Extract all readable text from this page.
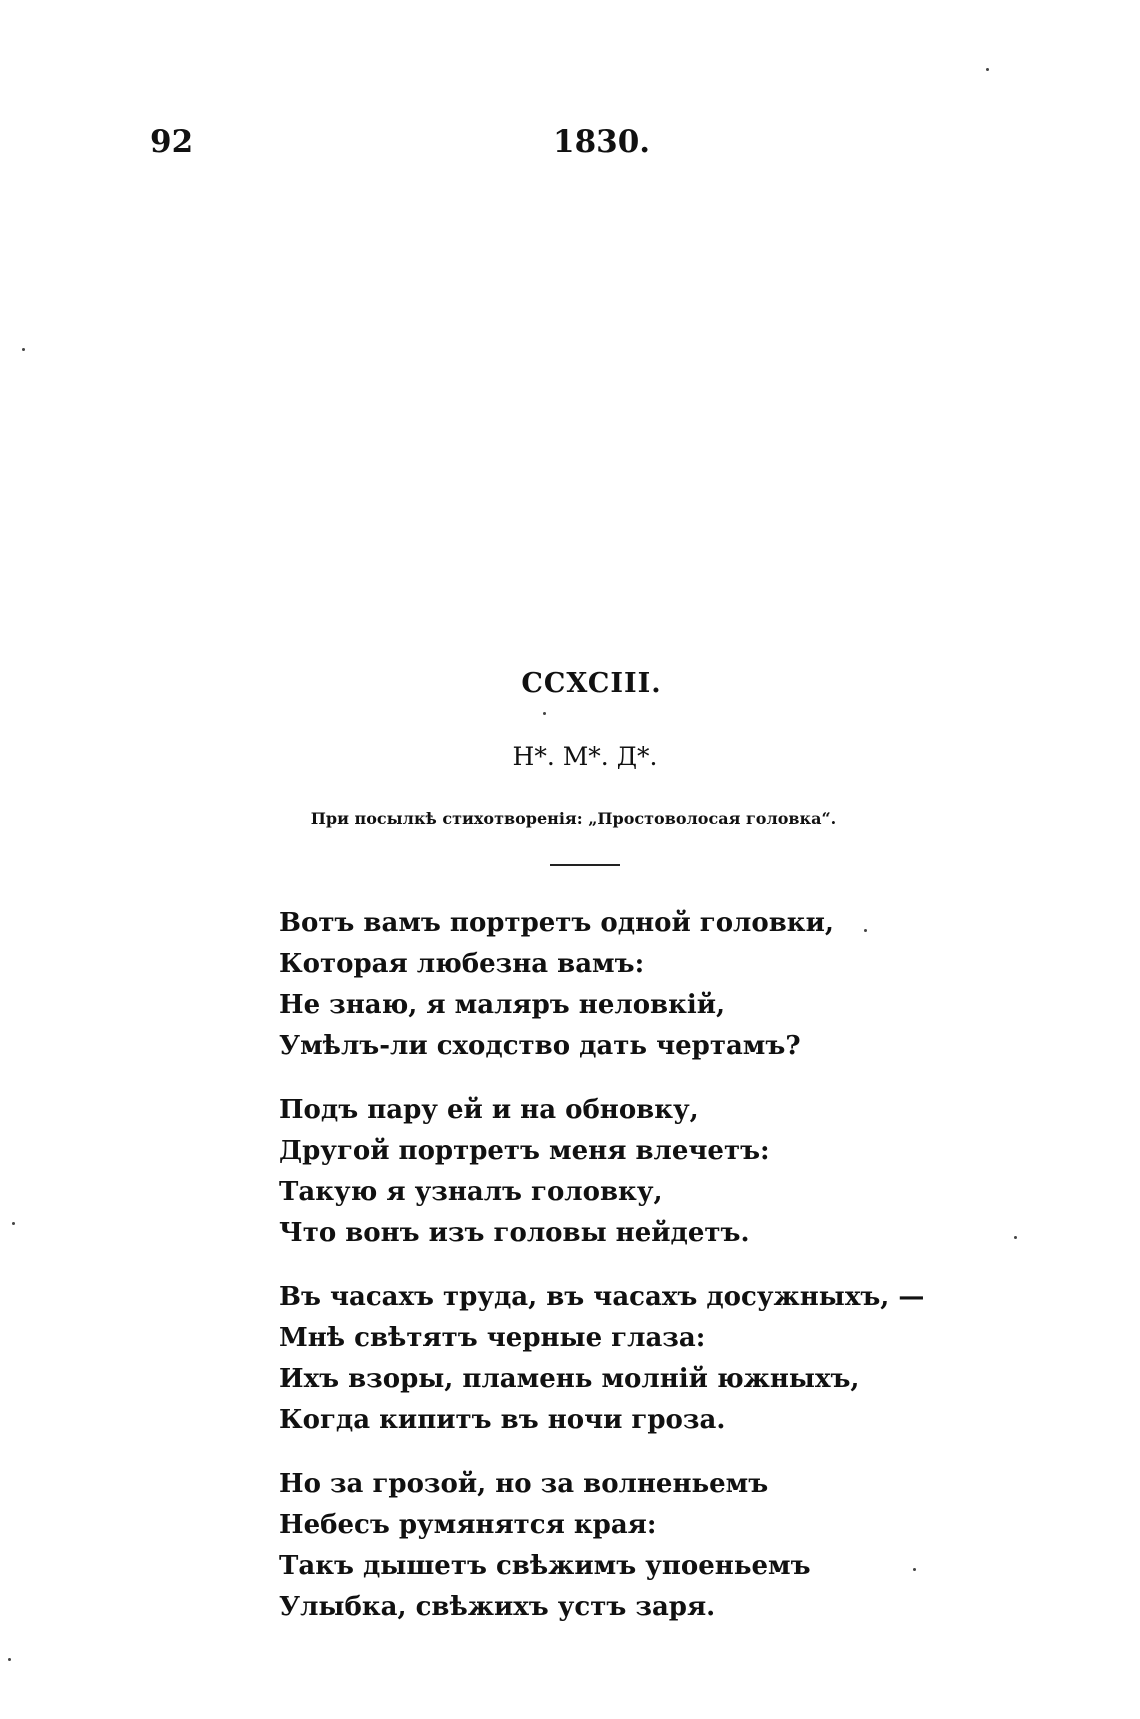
92	1830.
CCXCIII.
Н*. М*. Д*.
При посылкѣ стихотворенія: „Простоволосая головка“.
Вотъ вамъ портретъ одной головки,
Которая любезна вамъ:
Не знаю, я маляръ неловкій,
Умѣлъ-ли сходство дать чертамъ?
Подъ пару ей и на обновку,
Другой портретъ меня влечетъ:
Такую я узналъ головку,
Что вонъ изъ головы нейдетъ.
Въ часахъ труда, въ часахъ досужныхъ, —
Мнѣ свѣтятъ черные глаза:
Ихъ взоры, пламень молній южныхъ,
Когда кипитъ въ ночи гроза.
Но за грозой, но за волненьемъ
Небесъ румянятся края:
Такъ дышетъ свѣжимъ упоеньемъ
Улыбка, свѣжихъ устъ заря.
